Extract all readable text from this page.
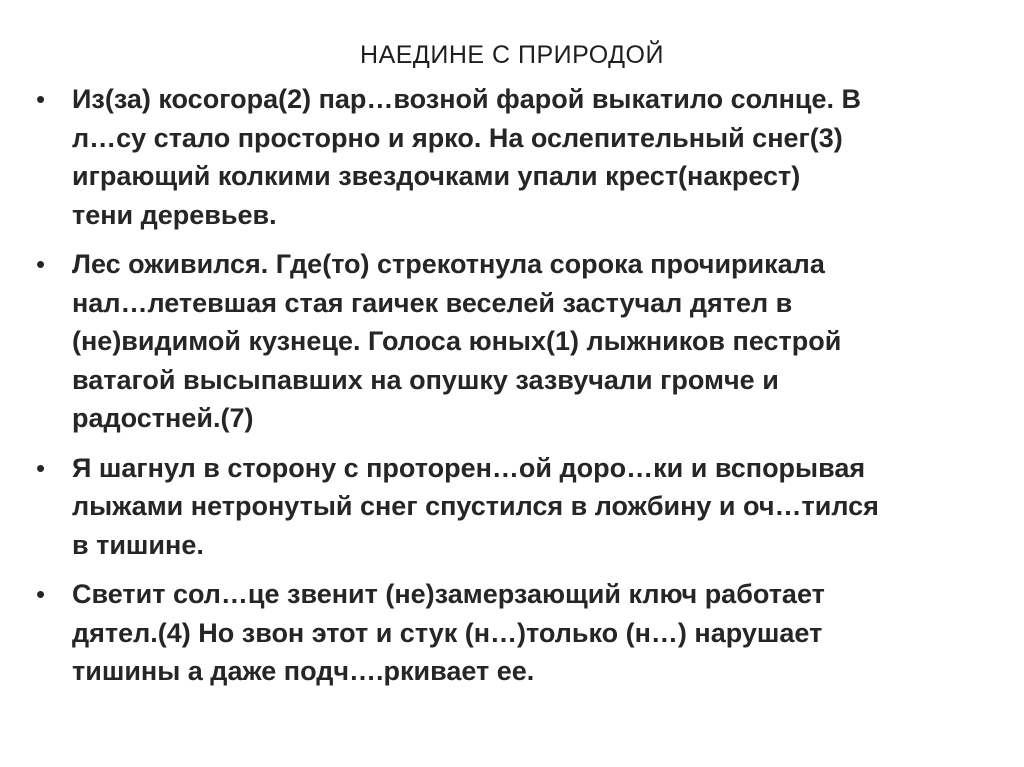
НАЕДИНЕ С ПРИРОДОЙ
• Из(за) косогора(2) пар…возной фарой выкатило солнце. В
л…су стало просторно и ярко. На ослепительный снег(3)
играющий колкими звездочками упали крест(накрест)
тени деревьев.
• Лес оживился. Где(то) стрекотнула сорока прочирикала
нал…летевшая стая гаичек веселей застучал дятел в
(не)видимой кузнеце. Голоса юных(1) лыжников пестрой
ватагой высыпавших на опушку зазвучали громче и
радостней.(7)
• Я шагнул в сторону с проторен…ой доро…ки и вспорывая
лыжами нетронутый снег спустился в ложбину и оч…тился
в тишине.
• Светит сол…це звенит (не)замерзающий ключ работает
дятел.(4) Но звон этот и стук (н…)только (н…) нарушает
тишины а даже подч….ркивает ее.
